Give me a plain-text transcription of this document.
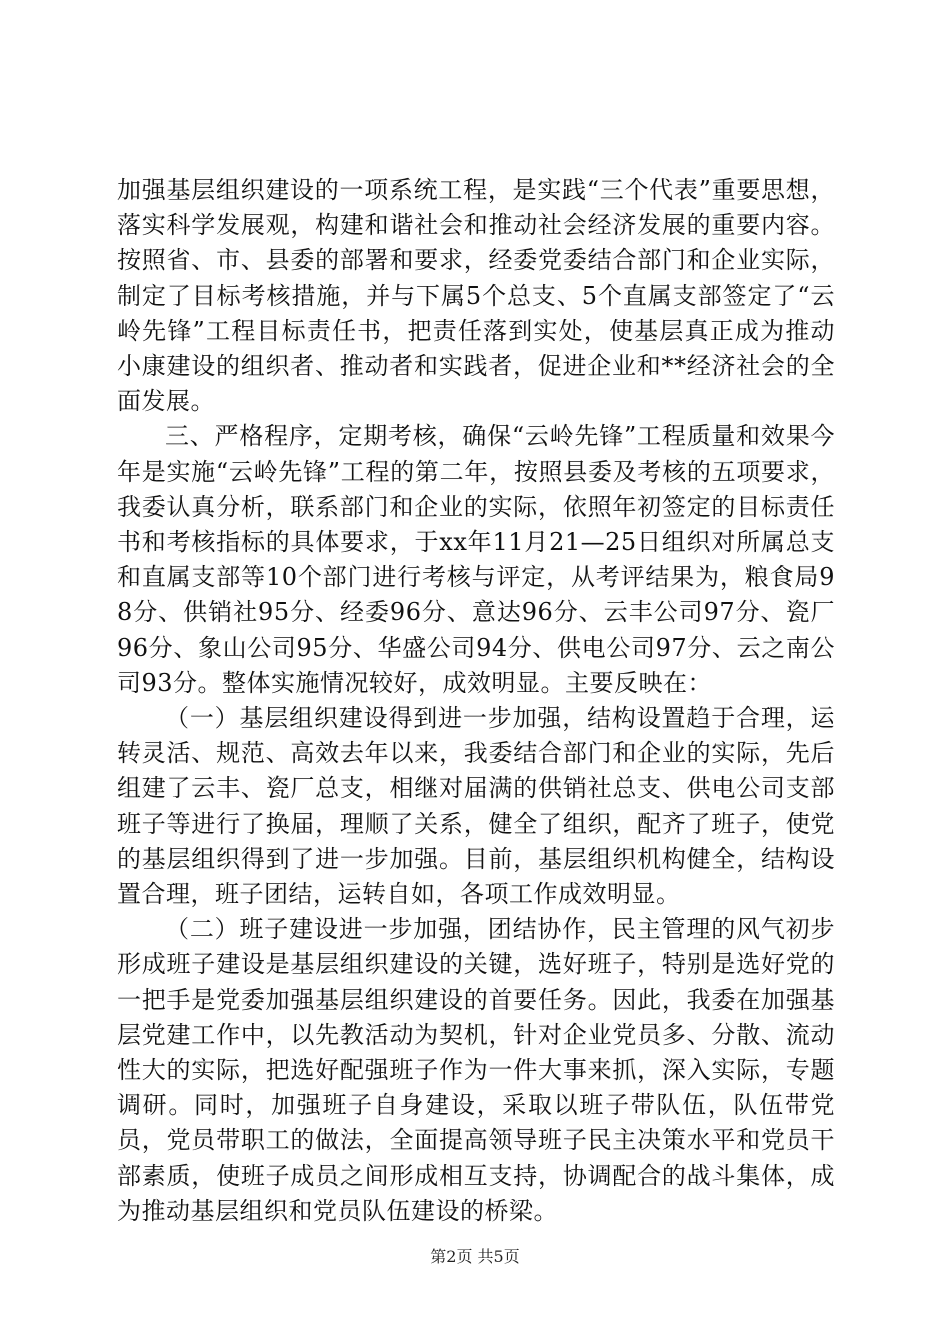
加强基层组织建设的一项系统工程，是实践“三个代表”重要思想，落实科学发展观，构建和谐社会和推动社会经济发展的重要内容。按照省、市、县委的部署和要求，经委党委结合部门和企业实际，制定了目标考核措施，并与下属5个总支、5个直属支部签定了“云岭先锋”工程目标责任书，把责任落到实处，使基层真正成为推动小康建设的组织者、推动者和实践者，促进企业和**经济社会的全面发展。

三、严格程序，定期考核，确保“云岭先锋”工程质量和效果今年是实施“云岭先锋”工程的第二年，按照县委及考核的五项要求，我委认真分析，联系部门和企业的实际，依照年初签定的目标责任书和考核指标的具体要求，于xx年11月21—25日组织对所属总支和直属支部等10个部门进行考核与评定，从考评结果为，粮食局98分、供销社95分、经委96分、意达96分、云丰公司97分、瓷厂96分、象山公司95分、华盛公司94分、供电公司97分、云之南公司93分。整体实施情况较好，成效明显。主要反映在：

（一）基层组织建设得到进一步加强，结构设置趋于合理，运转灵活、规范、高效去年以来，我委结合部门和企业的实际，先后组建了云丰、瓷厂总支，相继对届满的供销社总支、供电公司支部班子等进行了换届，理顺了关系，健全了组织，配齐了班子，使党的基层组织得到了进一步加强。目前，基层组织机构健全，结构设置合理，班子团结，运转自如，各项工作成效明显。

（二）班子建设进一步加强，团结协作，民主管理的风气初步形成班子建设是基层组织建设的关键，选好班子，特别是选好党的一把手是党委加强基层组织建设的首要任务。因此，我委在加强基层党建工作中，以先教活动为契机，针对企业党员多、分散、流动性大的实际，把选好配强班子作为一件大事来抓，深入实际，专题调研。同时，加强班子自身建设，采取以班子带队伍，队伍带党员，党员带职工的做法，全面提高领导班子民主决策水平和党员干部素质，使班子成员之间形成相互支持，协调配合的战斗集体，成为推动基层组织和党员队伍建设的桥梁。

第2页 共5页
